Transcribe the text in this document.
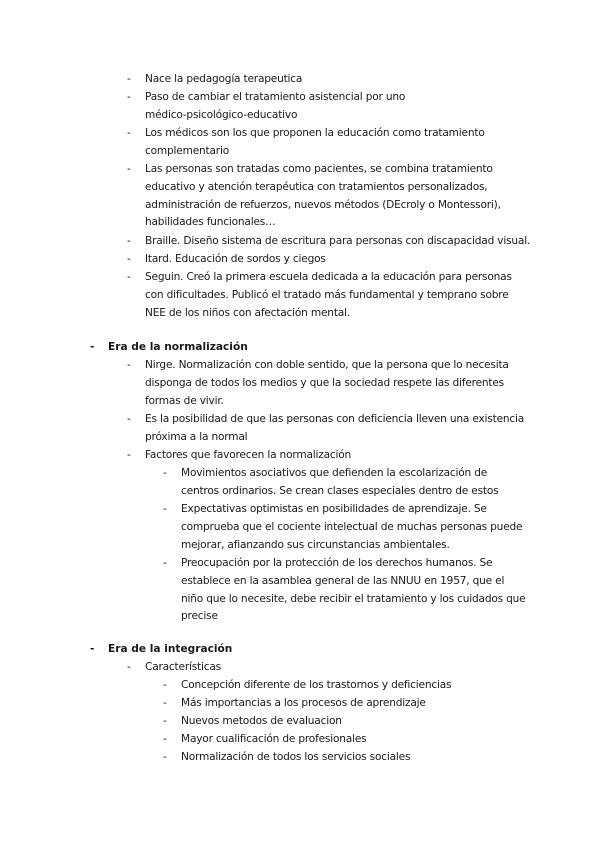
- Nace la pedagogía terapeutica
- Paso de cambiar el tratamiento asistencial por uno médico-psicológico-educativo
- Los médicos son los que proponen la educación como tratamiento complementario
- Las personas son tratadas como pacientes, se combina tratamiento educativo y atención terapéutica con tratamientos personalizados, administración de refuerzos, nuevos métodos (DEcroly o Montessori), habilidades funcionales…
- Braille. Diseño sistema de escritura para personas con discapacidad visual.
- Itard. Educación de sordos y ciegos
- Seguin. Creó la primera escuela dedicada a la educación para personas con dificultades. Publicó el tratado más fundamental y temprano sobre NEE de los niños con afectación mental.
- Era de la normalización
- Nirge. Normalización con doble sentido, que la persona que lo necesita disponga de todos los medios y que la sociedad respete las diferentes formas de vivir.
- Es la posibilidad de que las personas con deficiencia lleven una existencia próxima a la normal
- Factores que favorecen la normalización
- Movimientos asociativos que defienden la escolarización de centros ordinarios. Se crean clases especiales dentro de estos
- Expectativas optimistas en posibilidades de aprendizaje. Se comprueba que el cociente intelectual de muchas personas puede mejorar, afianzando sus circunstancias ambientales.
- Preocupación por la protección de los derechos humanos. Se establece en la asamblea general de las NNUU en 1957, que el niño que lo necesite, debe recibir el tratamiento y los cuidados que precise
- Era de la integración
- Características
- Concepción diferente de los trastornos y deficiencias
- Más importancias a los procesos de aprendizaje
- Nuevos metodos de evaluacion
- Mayor cualificación de profesionales
- Normalización de todos los servicios sociales
